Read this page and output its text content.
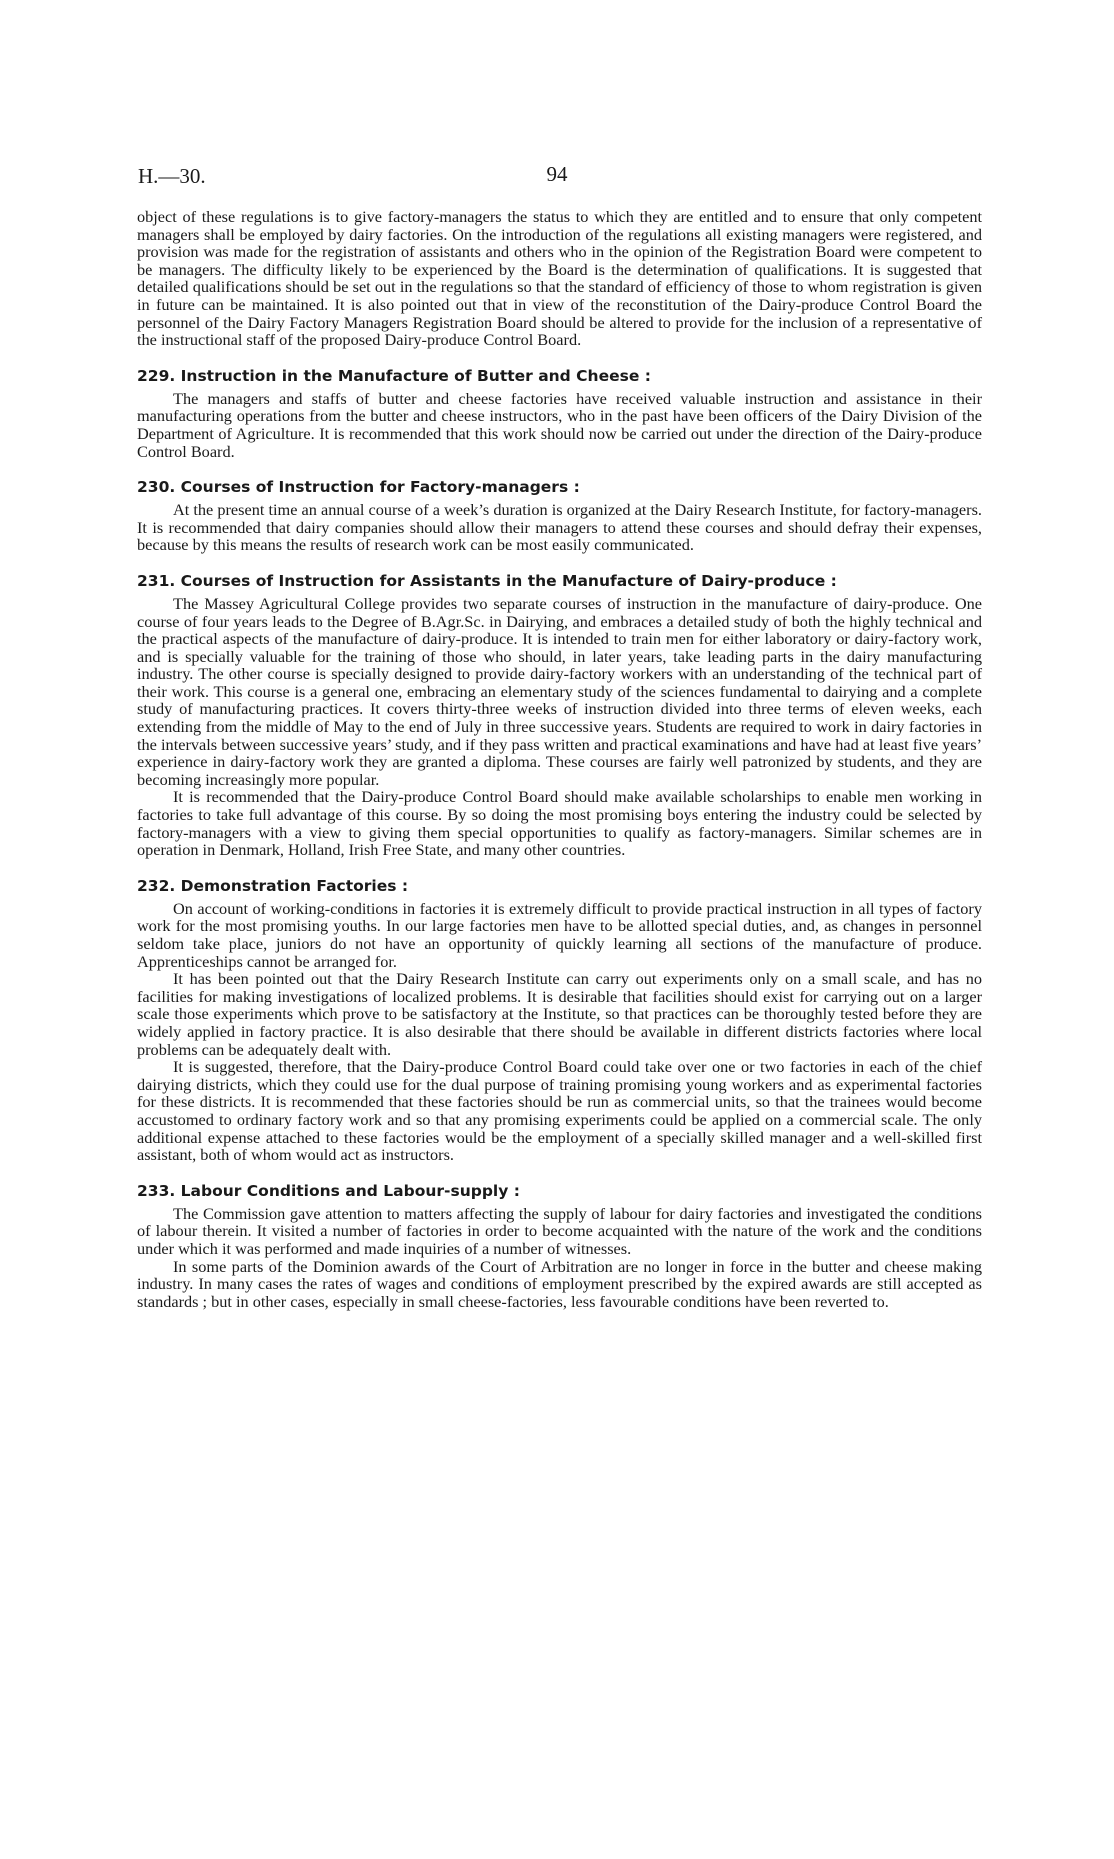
H.—30.	94

object of these regulations is to give factory-managers the status to which they are entitled and to ensure that only competent managers shall be employed by dairy factories. On the introduction of the regulations all existing managers were registered, and provision was made for the registration of assistants and others who in the opinion of the Registration Board were competent to be managers. The difficulty likely to be experienced by the Board is the determination of qualifications. It is suggested that detailed qualifications should be set out in the regulations so that the standard of efficiency of those to whom registration is given in future can be maintained. It is also pointed out that in view of the reconstitution of the Dairy-produce Control Board the personnel of the Dairy Factory Managers Registration Board should be altered to provide for the inclusion of a representative of the instructional staff of the proposed Dairy-produce Control Board.

229. Instruction in the Manufacture of Butter and Cheese :

The managers and staffs of butter and cheese factories have received valuable instruction and assistance in their manufacturing operations from the butter and cheese instructors, who in the past have been officers of the Dairy Division of the Department of Agriculture. It is recommended that this work should now be carried out under the direction of the Dairy-produce Control Board.

230. Courses of Instruction for Factory-managers :

At the present time an annual course of a week’s duration is organized at the Dairy Research Institute, for factory-managers. It is recommended that dairy companies should allow their managers to attend these courses and should defray their expenses, because by this means the results of research work can be most easily communicated.

231. Courses of Instruction for Assistants in the Manufacture of Dairy-produce :

The Massey Agricultural College provides two separate courses of instruction in the manufacture of dairy-produce. One course of four years leads to the Degree of B.Agr.Sc. in Dairying, and embraces a detailed study of both the highly technical and the practical aspects of the manufacture of dairy-produce. It is intended to train men for either laboratory or dairy-factory work, and is specially valuable for the training of those who should, in later years, take leading parts in the dairy manufacturing industry. The other course is specially designed to provide dairy-factory workers with an understanding of the technical part of their work. This course is a general one, embracing an elementary study of the sciences fundamental to dairying and a complete study of manufacturing practices. It covers thirty-three weeks of instruction divided into three terms of eleven weeks, each extending from the middle of May to the end of July in three successive years. Students are required to work in dairy factories in the intervals between successive years’ study, and if they pass written and practical examinations and have had at least five years’ experience in dairy-factory work they are granted a diploma. These courses are fairly well patronized by students, and they are becoming increasingly more popular.

It is recommended that the Dairy-produce Control Board should make available scholarships to enable men working in factories to take full advantage of this course. By so doing the most promising boys entering the industry could be selected by factory-managers with a view to giving them special opportunities to qualify as factory-managers. Similar schemes are in operation in Denmark, Holland, Irish Free State, and many other countries.

232. Demonstration Factories :

On account of working-conditions in factories it is extremely difficult to provide practical instruction in all types of factory work for the most promising youths. In our large factories men have to be allotted special duties, and, as changes in personnel seldom take place, juniors do not have an opportunity of quickly learning all sections of the manufacture of produce. Apprenticeships cannot be arranged for.

It has been pointed out that the Dairy Research Institute can carry out experiments only on a small scale, and has no facilities for making investigations of localized problems. It is desirable that facilities should exist for carrying out on a larger scale those experiments which prove to be satisfactory at the Institute, so that practices can be thoroughly tested before they are widely applied in factory practice. It is also desirable that there should be available in different districts factories where local problems can be adequately dealt with.

It is suggested, therefore, that the Dairy-produce Control Board could take over one or two factories in each of the chief dairying districts, which they could use for the dual purpose of training promising young workers and as experimental factories for these districts. It is recommended that these factories should be run as commercial units, so that the trainees would become accustomed to ordinary factory work and so that any promising experiments could be applied on a commercial scale. The only additional expense attached to these factories would be the employment of a specially skilled manager and a well-skilled first assistant, both of whom would act as instructors.

233. Labour Conditions and Labour-supply :

The Commission gave attention to matters affecting the supply of labour for dairy factories and investigated the conditions of labour therein. It visited a number of factories in order to become acquainted with the nature of the work and the conditions under which it was performed and made inquiries of a number of witnesses.

In some parts of the Dominion awards of the Court of Arbitration are no longer in force in the butter and cheese making industry. In many cases the rates of wages and conditions of employment prescribed by the expired awards are still accepted as standards ; but in other cases, especially in small cheese-factories, less favourable conditions have been reverted to.
